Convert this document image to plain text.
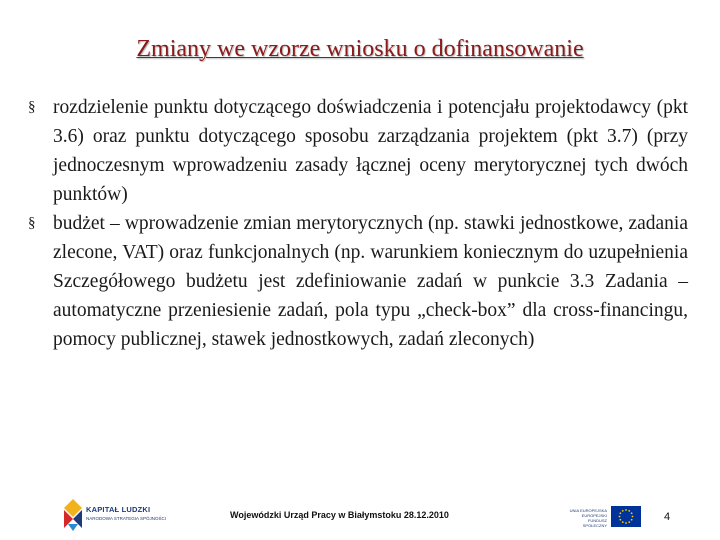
Zmiany we wzorze wniosku o dofinansowanie
§ rozdzielenie punktu dotyczącego doświadczenia i potencjału projektodawcy (pkt 3.6) oraz punktu dotyczącego sposobu zarządzania projektem (pkt 3.7) (przy jednoczesnym wprowadzeniu zasady łącznej oceny merytorycznej tych dwóch punktów)
§ budżet – wprowadzenie zmian merytorycznych (np. stawki jednostkowe, zadania zlecone, VAT) oraz funkcjonalnych (np. warunkiem koniecznym do uzupełnienia Szczegółowego budżetu jest zdefiniowanie zadań w punkcie 3.3 Zadania – automatyczne przeniesienie zadań, pola typu „check-box” dla cross-financingu, pomocy publicznej, stawek jednostkowych, zadań zleconych)
KAPITAŁ LUDZKI
NARODOWA STRATEGIA SPÓJNOŚCI	Wojewódzki Urząd Pracy w Białymstoku 28.12.2010	UNIA EUROPEJSKA EUROPEJSKI FUNDUSZ SPOŁECZNY
4
